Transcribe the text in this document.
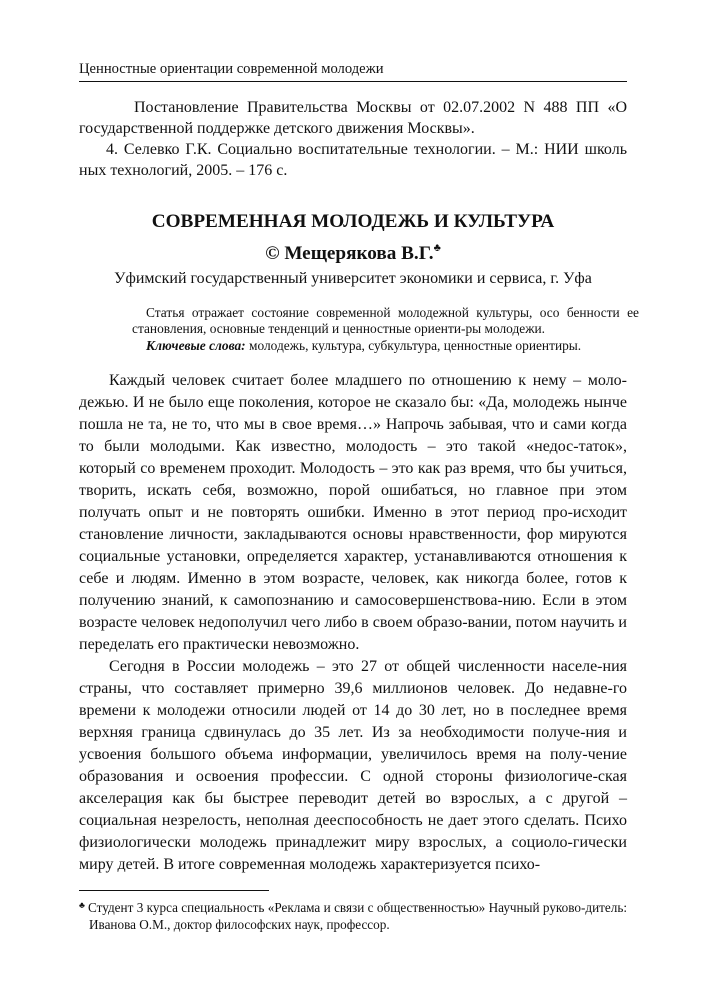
Ценностные ориентации современной молодежи

Постановление Правительства Москвы от 02.07.2002 N 488 ПП «О государственной поддержке детского движения Москвы».

4. Селевко Г.К. Социально воспитательные технологии. – М.: НИИ школь ных технологий, 2005. – 176 с.

СОВРЕМЕННАЯ МОЛОДЕЖЬ И КУЛЬТУРА
© Мещерякова В.Г.♣
Уфимский государственный университет экономики и сервиса, г. Уфа

Статья отражает состояние современной молодежной культуры, осо бенности ее становления, основные тенденций и ценностные ориенти-ры молодежи.

Ключевые слова: молодежь, культура, субкультура, ценностные ориентиры.

Каждый человек считает более младшего по отношению к нему – моло-дежью. И не было еще поколения, которое не сказало бы: «Да, молодежь нынче пошла не та, не то, что мы в свое время…» Напрочь забывая, что и сами когда то были молодыми. Как известно, молодость – это такой «недос-таток», который со временем проходит. Молодость – это как раз время, что бы учиться, творить, искать себя, возможно, порой ошибаться, но главное при этом получать опыт и не повторять ошибки. Именно в этот период про-исходит становление личности, закладываются основы нравственности, фор мируются социальные установки, определяется характер, устанавливаются отношения к себе и людям. Именно в этом возрасте, человек, как никогда более, готов к получению знаний, к самопознанию и самосовершенствова-нию. Если в этом возрасте человек недополучил чего либо в своем образо-вании, потом научить и переделать его практически невозможно.

Сегодня в России молодежь – это 27 от общей численности населе-ния страны, что составляет примерно 39,6 миллионов человек. До недавне-го времени к молодежи относили людей от 14 до 30 лет, но в последнее время верхняя граница сдвинулась до 35 лет. Из за необходимости получе-ния и усвоения большого объема информации, увеличилось время на полу-чение образования и освоения профессии. С одной стороны физиологиче-ская акселерация как бы быстрее переводит детей во взрослых, а с другой – социальная незрелость, неполная дееспособность не дает этого сделать. Психо физиологически молодежь принадлежит миру взрослых, а социоло-гически миру детей. В итоге современная молодежь характеризуется психо-

♣ Студент 3 курса специальность «Реклама и связи с общественностью» Научный руково-дитель: Иванова О.М., доктор философских наук, профессор.
